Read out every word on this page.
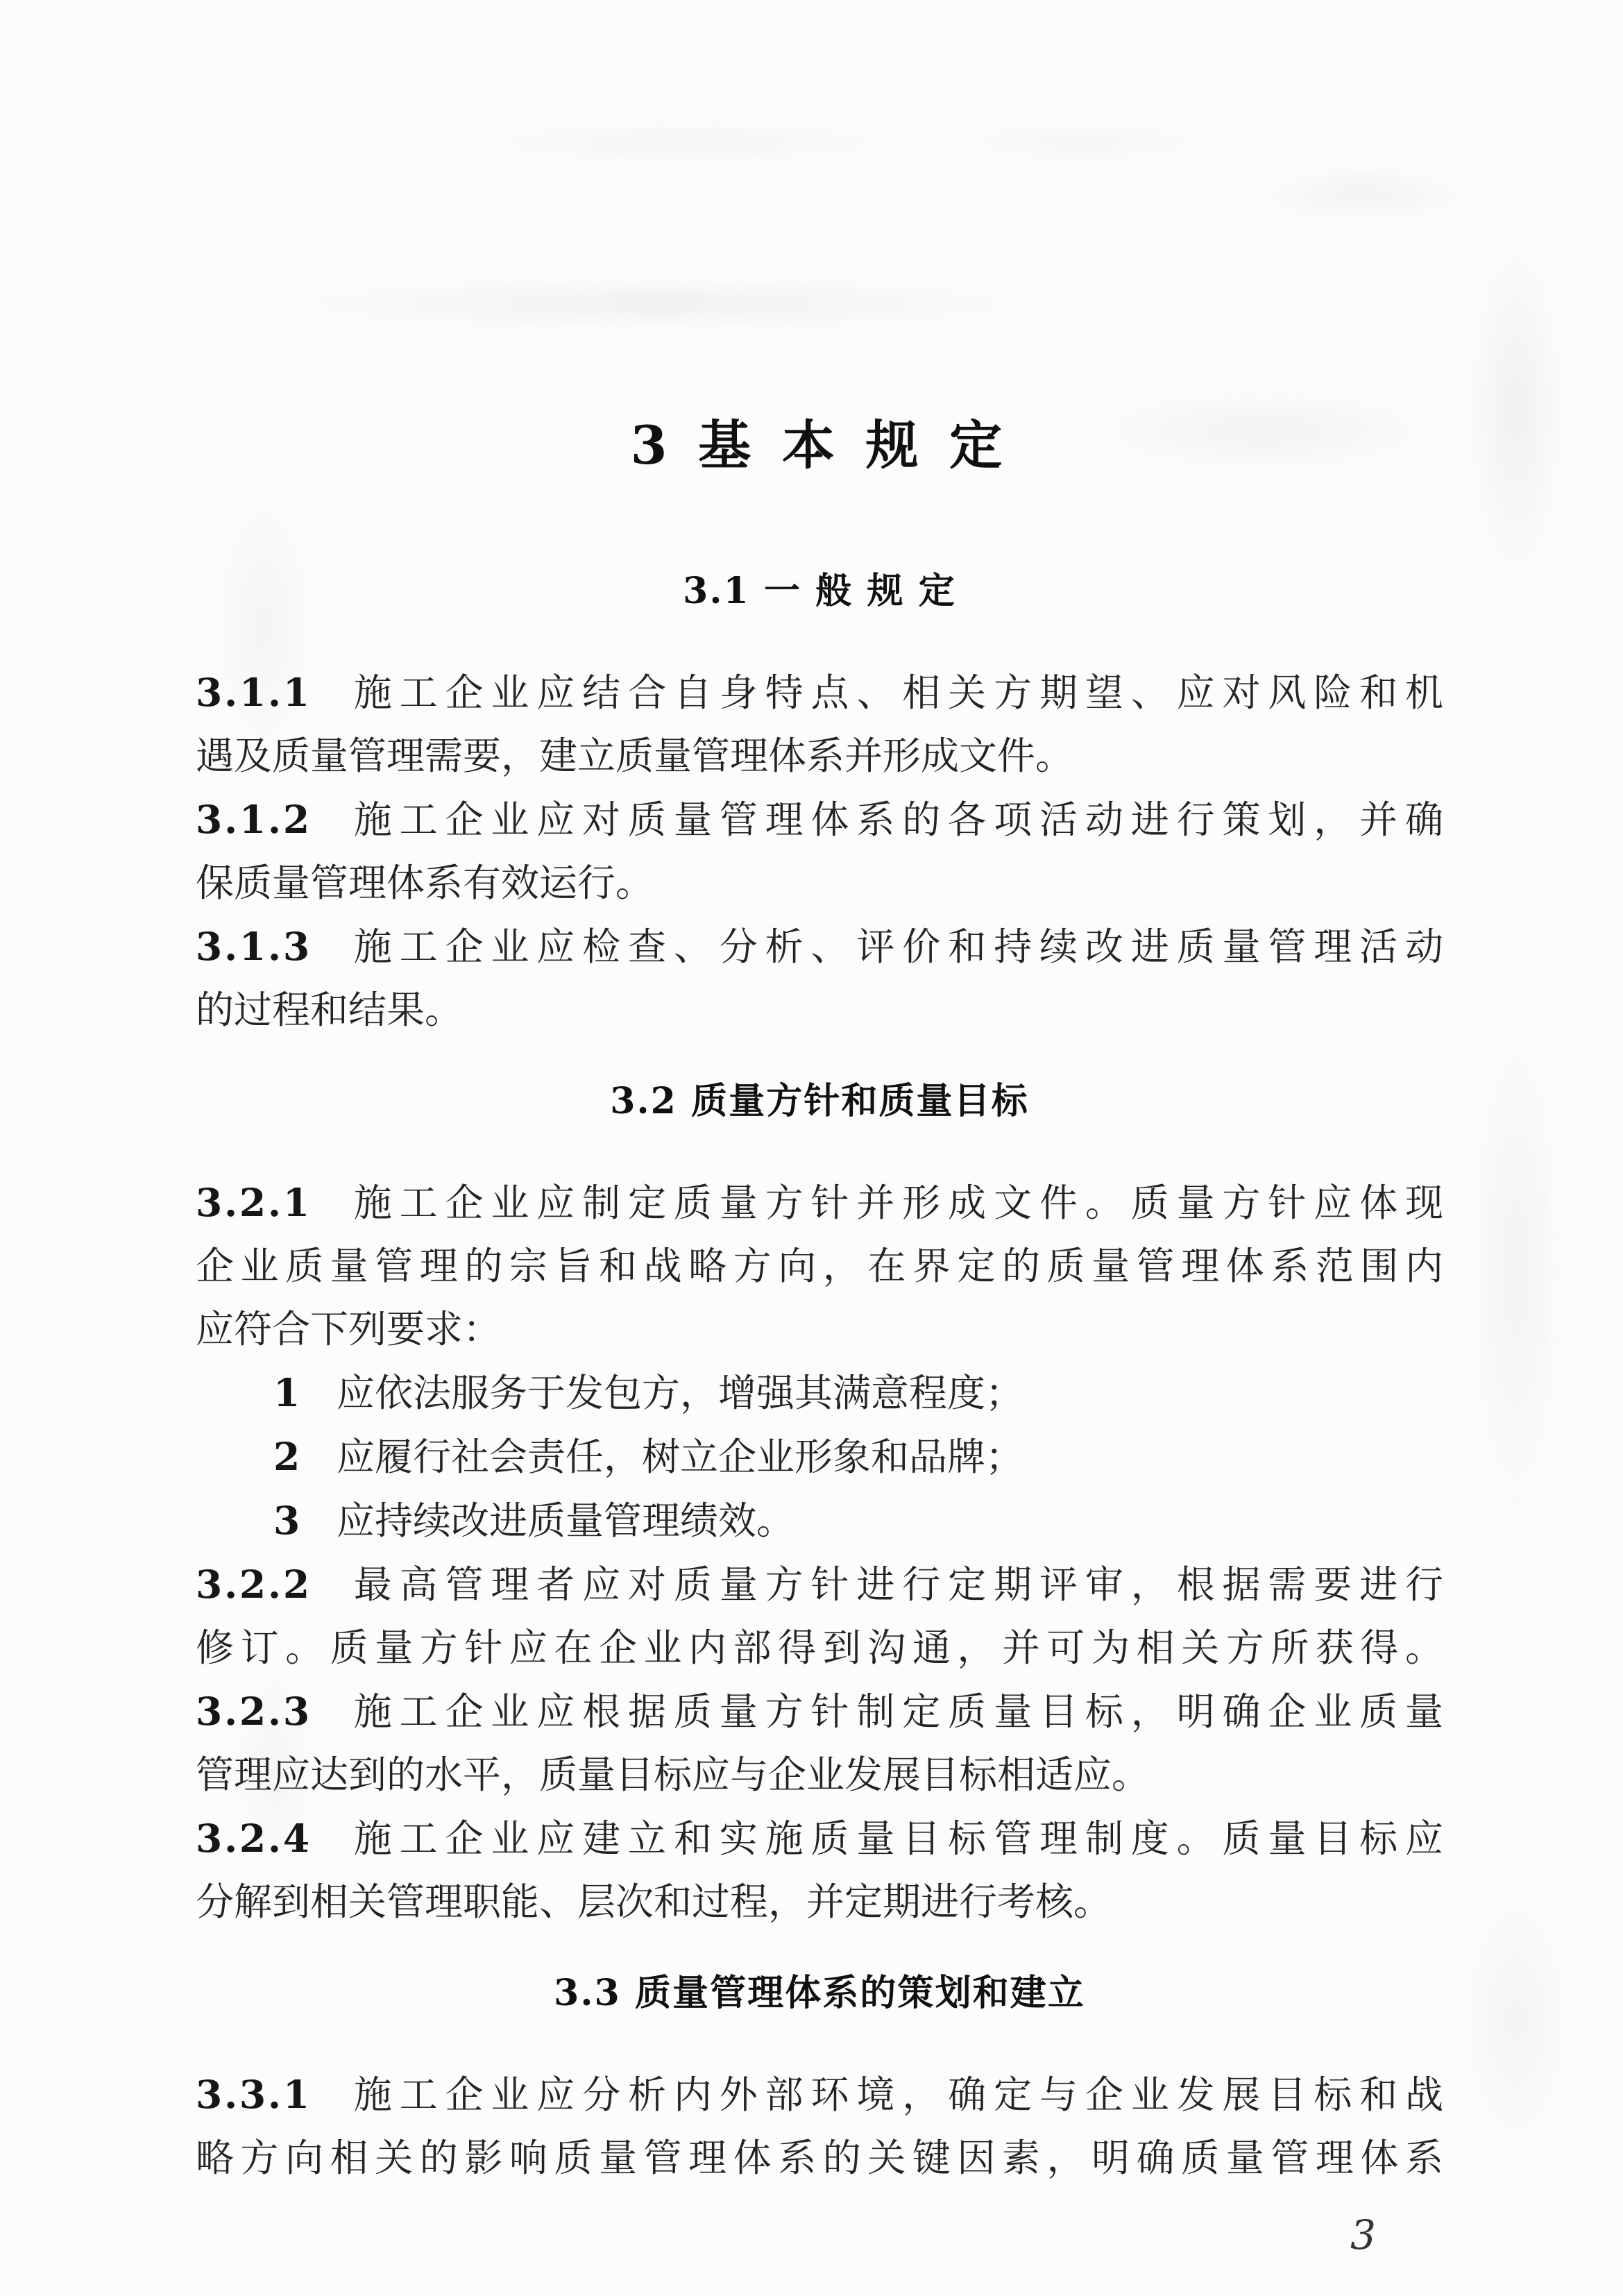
3 基 本 规 定
3.1 一 般 规 定
3.1.1 施工企业应结合自身特点、相关方期望、应对风险和机
遇及质量管理需要，建立质量管理体系并形成文件。
3.1.2 施工企业应对质量管理体系的各项活动进行策划，并确
保质量管理体系有效运行。
3.1.3 施工企业应检查、分析、评价和持续改进质量管理活动
的过程和结果。
3.2 质量方针和质量目标
3.2.1 施工企业应制定质量方针并形成文件。质量方针应体现
企业质量管理的宗旨和战略方向，在界定的质量管理体系范围内
应符合下列要求：
1 应依法服务于发包方，增强其满意程度；
2 应履行社会责任，树立企业形象和品牌；
3 应持续改进质量管理绩效。
3.2.2 最高管理者应对质量方针进行定期评审，根据需要进行
修订。质量方针应在企业内部得到沟通，并可为相关方所获得。
3.2.3 施工企业应根据质量方针制定质量目标，明确企业质量
管理应达到的水平，质量目标应与企业发展目标相适应。
3.2.4 施工企业应建立和实施质量目标管理制度。质量目标应
分解到相关管理职能、层次和过程，并定期进行考核。
3.3 质量管理体系的策划和建立
3.3.1 施工企业应分析内外部环境，确定与企业发展目标和战
略方向相关的影响质量管理体系的关键因素，明确质量管理体系
3
